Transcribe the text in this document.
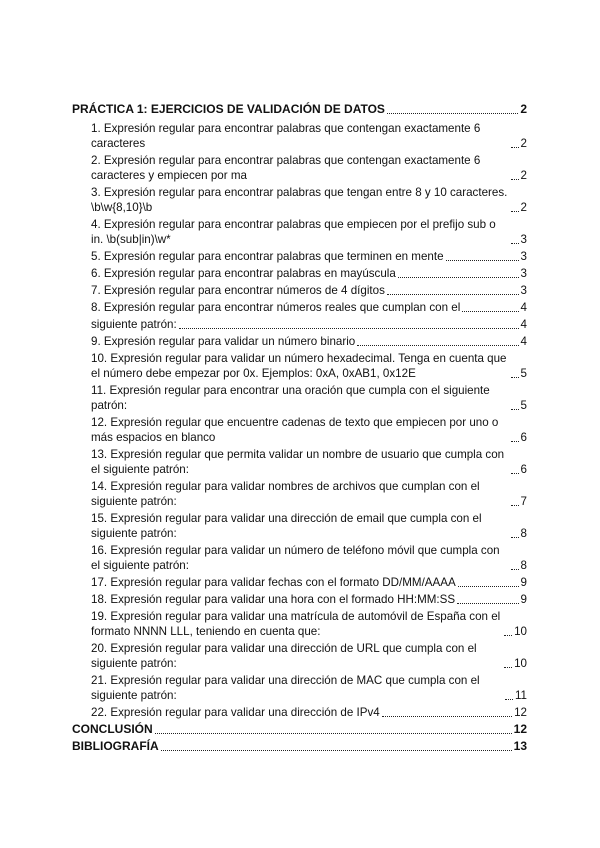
PRÁCTICA 1: EJERCICIOS DE VALIDACIÓN DE DATOS	2
1. Expresión regular para encontrar palabras que contengan exactamente 6 caracteres	2
2. Expresión regular para encontrar palabras que contengan exactamente 6 caracteres y empiecen por ma	2
3. Expresión regular para encontrar palabras que tengan entre 8 y 10 caracteres. \b\w{8,10}\b	2
4. Expresión regular para encontrar palabras que empiecen por el prefijo sub o in. \b(sub|in)\w*	3
5. Expresión regular para encontrar palabras que terminen en mente	3
6. Expresión regular para encontrar palabras en mayúscula	3
7. Expresión regular para encontrar números de 4 dígitos	3
8. Expresión regular para encontrar números reales que cumplan con el	4
siguiente patrón:	4
9. Expresión regular para validar un número binario	4
10. Expresión regular para validar un número hexadecimal. Tenga en cuenta que el número debe empezar por 0x. Ejemplos: 0xA, 0xAB1, 0x12E	5
11. Expresión regular para encontrar una oración que cumpla con el siguiente patrón:	5
12. Expresión regular que encuentre cadenas de texto que empiecen por uno o más espacios en blanco	6
13. Expresión regular que permita validar un nombre de usuario que cumpla con el siguiente patrón:	6
14. Expresión regular para validar nombres de archivos que cumplan con el siguiente patrón:	7
15. Expresión regular para validar una dirección de email que cumpla con el siguiente patrón:	8
16. Expresión regular para validar un número de teléfono móvil que cumpla con el siguiente patrón:	8
17. Expresión regular para validar fechas con el formato DD/MM/AAAA	9
18. Expresión regular para validar una hora con el formado HH:MM:SS	9
19. Expresión regular para validar una matrícula de automóvil de España con el formato NNNN LLL, teniendo en cuenta que:	10
20. Expresión regular para validar una dirección de URL que cumpla con el siguiente patrón:	10
21. Expresión regular para validar una dirección de MAC que cumpla con el siguiente patrón:	11
22. Expresión regular para validar una dirección de IPv4	12
CONCLUSIÓN	12
BIBLIOGRAFÍA	13
